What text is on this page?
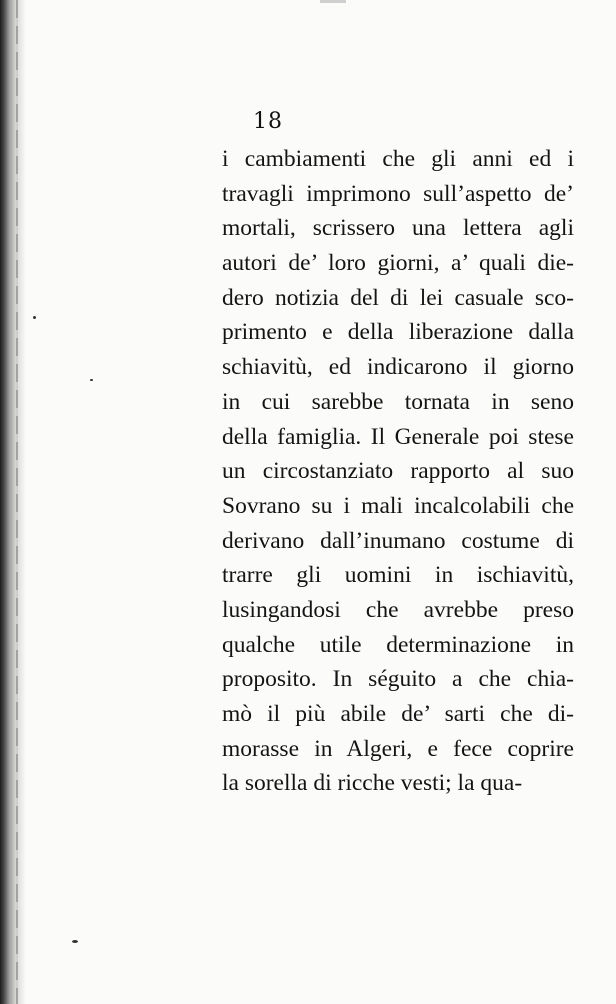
18

i cambiamenti che gli anni ed i
travagli imprimono sull’aspetto de’
mortali, scrissero una lettera agli
autori de’ loro giorni, a’ quali die-
dero notizia del di lei casuale sco-
primento e della liberazione dalla
schiavitù, ed indicarono il giorno
in cui sarebbe tornata in seno
della famiglia. Il Generale poi stese
un circostanziato rapporto al suo
Sovrano su i mali incalcolabili che
derivano dall’inumano costume di
trarre gli uomini in ischiavitù,
lusingandosi che avrebbe preso
qualche utile determinazione in
proposito. In séguito a che chia-
mò il più abile de’ sarti che di-
morasse in Algeri, e fece coprire
la sorella di ricche vesti; la qua-
